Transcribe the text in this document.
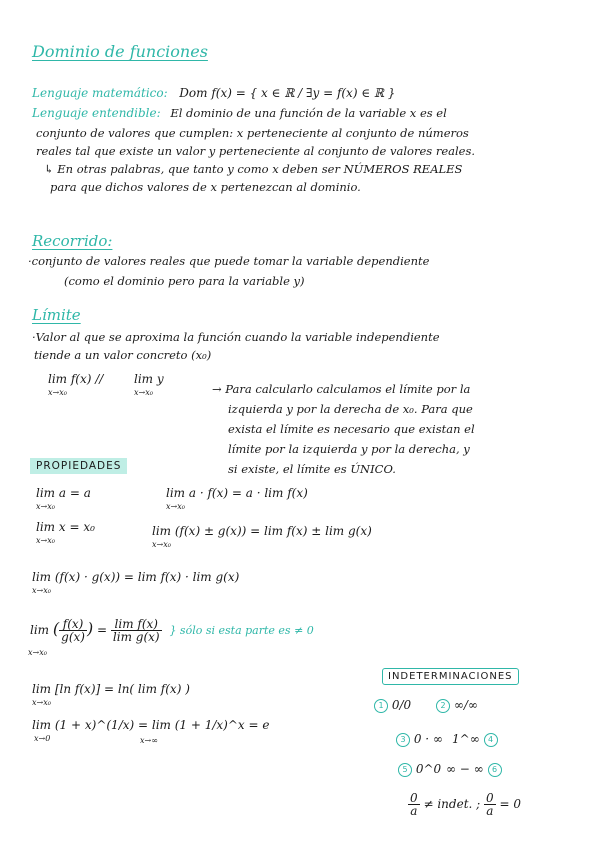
Dominio de funciones
Lenguaje matemático: Dom f(x) = { x ∈ ℝ / ∃y = f(x) ∈ ℝ }
Lenguaje entendible: El dominio de una función de la variable x es el
conjunto de valores que cumplen: x perteneciente al conjunto de números
reales tal que existe un valor y perteneciente al conjunto de valores reales.
↳ En otras palabras, que tanto y como x deben ser NÚMEROS REALES
para que dichos valores de x pertenezcan al dominio.
Recorrido:
·conjunto de valores reales que puede tomar la variable dependiente
(como el dominio pero para la variable y)
Límite
·Valor al que se aproxima la función cuando la variable independiente
tiende a un valor concreto (x₀)
lim f(x) //
x→x₀
lim y
x→x₀	→ Para calcularlo calculamos el límite por la
izquierda y por la derecha de x₀. Para que
exista el límite es necesario que existan el
límite por la izquierda y por la derecha, y
si existe, el límite es ÚNICO.
PROPIEDADES
lim a = a
x→x₀
lim a · f(x) = a · lim f(x)
x→x₀
lim x = x₀
x→x₀
lim (f(x) ± g(x)) = lim f(x) ± lim g(x)
x→x₀
lim (f(x) · g(x)) = lim f(x) · lim g(x)
x→x₀
lim ( $\frac{f(x)}{g(x)}$ ) = $\frac{\text{lim f(x)}}{\text{lim g(x)}}$ } sólo si esta parte es ≠ 0
x→x₀
lim [ln f(x)] = ln( lim f(x) )
x→x₀
lim (1 + x)^(1/x) = lim (1 + 1/x)^x = e
x→0	x→∞
INDETERMINACIONES
1 0/0	2 ∞/∞
3 0 · ∞ 1^∞ 4
5 0^0 ∞ − ∞ 6
$\frac{0}{a} \ne indet$. ; $\frac{0}{a} = 0$
